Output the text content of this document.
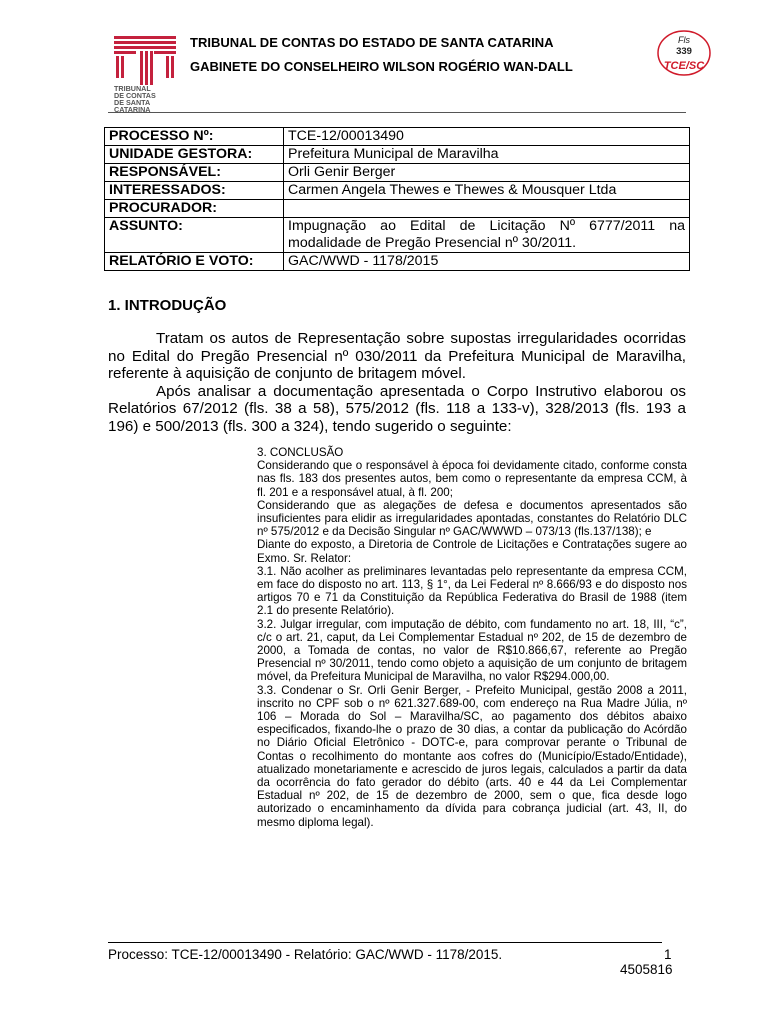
TRIBUNAL
DE CONTAS
DE SANTA
CATARINA
TRIBUNAL DE CONTAS DO ESTADO DE SANTA CATARINA
GABINETE DO CONSELHEIRO WILSON ROGÉRIO WAN-DALL
Fls
339
TCE/SC
PROCESSO Nº:	TCE-12/00013490
UNIDADE GESTORA:	Prefeitura Municipal de Maravilha
RESPONSÁVEL:	Orli Genir Berger
INTERESSADOS:	Carmen Angela Thewes e Thewes & Mousquer Ltda
PROCURADOR:	
ASSUNTO:	Impugnação ao Edital de Licitação Nº 6777/2011 na modalidade de Pregão Presencial nº 30/2011.
RELATÓRIO E VOTO:	GAC/WWD - 1178/2015
1. INTRODUÇÃO

Tratam os autos de Representação sobre supostas irregularidades ocorridas no Edital do Pregão Presencial nº 030/2011 da Prefeitura Municipal de Maravilha, referente à aquisição de conjunto de britagem móvel.

Após analisar a documentação apresentada o Corpo Instrutivo elaborou os Relatórios 67/2012 (fls. 38 a 58), 575/2012 (fls. 118 a 133-v), 328/2013 (fls. 193 a 196) e 500/2013 (fls. 300 a 324), tendo sugerido o seguinte:

3. CONCLUSÃO

Considerando que o responsável à época foi devidamente citado, conforme consta nas fls. 183 dos presentes autos, bem como o representante da empresa CCM, à fl. 201 e a responsável atual, à fl. 200;

Considerando que as alegações de defesa e documentos apresentados são insuficientes para elidir as irregularidades apontadas, constantes do Relatório DLC nº 575/2012 e da Decisão Singular nº GAC/WWWD – 073/13 (fls.137/138); e

Diante do exposto, a Diretoria de Controle de Licitações e Contratações sugere ao Exmo. Sr. Relator:

3.1. Não acolher as preliminares levantadas pelo representante da empresa CCM, em face do disposto no art. 113, § 1°, da Lei Federal nº 8.666/93 e do disposto nos artigos 70 e 71 da Constituição da República Federativa do Brasil de 1988 (item 2.1 do presente Relatório).

3.2. Julgar irregular, com imputação de débito, com fundamento no art. 18, III, “c”, c/c o art. 21, caput, da Lei Complementar Estadual nº 202, de 15 de dezembro de 2000, a Tomada de contas, no valor de R$10.866,67, referente ao Pregão Presencial nº 30/2011, tendo como objeto a aquisição de um conjunto de britagem móvel, da Prefeitura Municipal de Maravilha, no valor R$294.000,00.

3.3. Condenar o Sr. Orli Genir Berger, - Prefeito Municipal, gestão 2008 a 2011, inscrito no CPF sob o nº 621.327.689-00, com endereço na Rua Madre Júlia, nº 106 – Morada do Sol – Maravilha/SC, ao pagamento dos débitos abaixo especificados, fixando-lhe o prazo de 30 dias, a contar da publicação do Acórdão no Diário Oficial Eletrônico - DOTC-e, para comprovar perante o Tribunal de Contas o recolhimento do montante aos cofres do (Município/Estado/Entidade), atualizado monetariamente e acrescido de juros legais, calculados a partir da data da ocorrência do fato gerador do débito (arts. 40 e 44 da Lei Complementar Estadual nº 202, de 15 de dezembro de 2000, sem o que, fica desde logo autorizado o encaminhamento da dívida para cobrança judicial (art. 43, II, do mesmo diploma legal).

Processo: TCE-12/00013490 - Relatório: GAC/WWD - 1178/2015.	1
4505816
